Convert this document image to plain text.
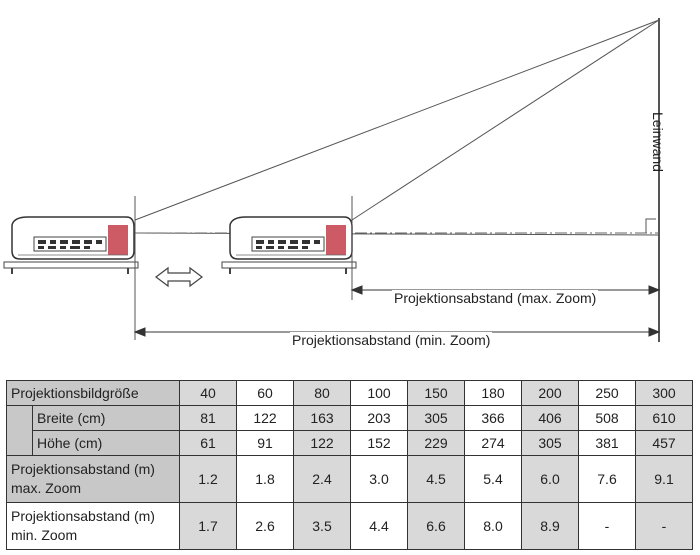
Leinwand
Projektionsabstand (max. Zoom)
Projektionsabstand (min. Zoom)
Projektionsbildgröße		40	60	80	100	150	180	200	250	300
	Breite (cm)	81	122	163	203	305	366	406	508	610
	Höhe (cm)	61	91	122	152	229	274	305	381	457

Projektionsabstand (m)
max. Zoom		1.2	1.8	2.4	3.0	4.5	5.4	6.0	7.6	9.1

Projektionsabstand (m)
min. Zoom		1.7	2.6	3.5	4.4	6.6	8.0	8.9	-	-
